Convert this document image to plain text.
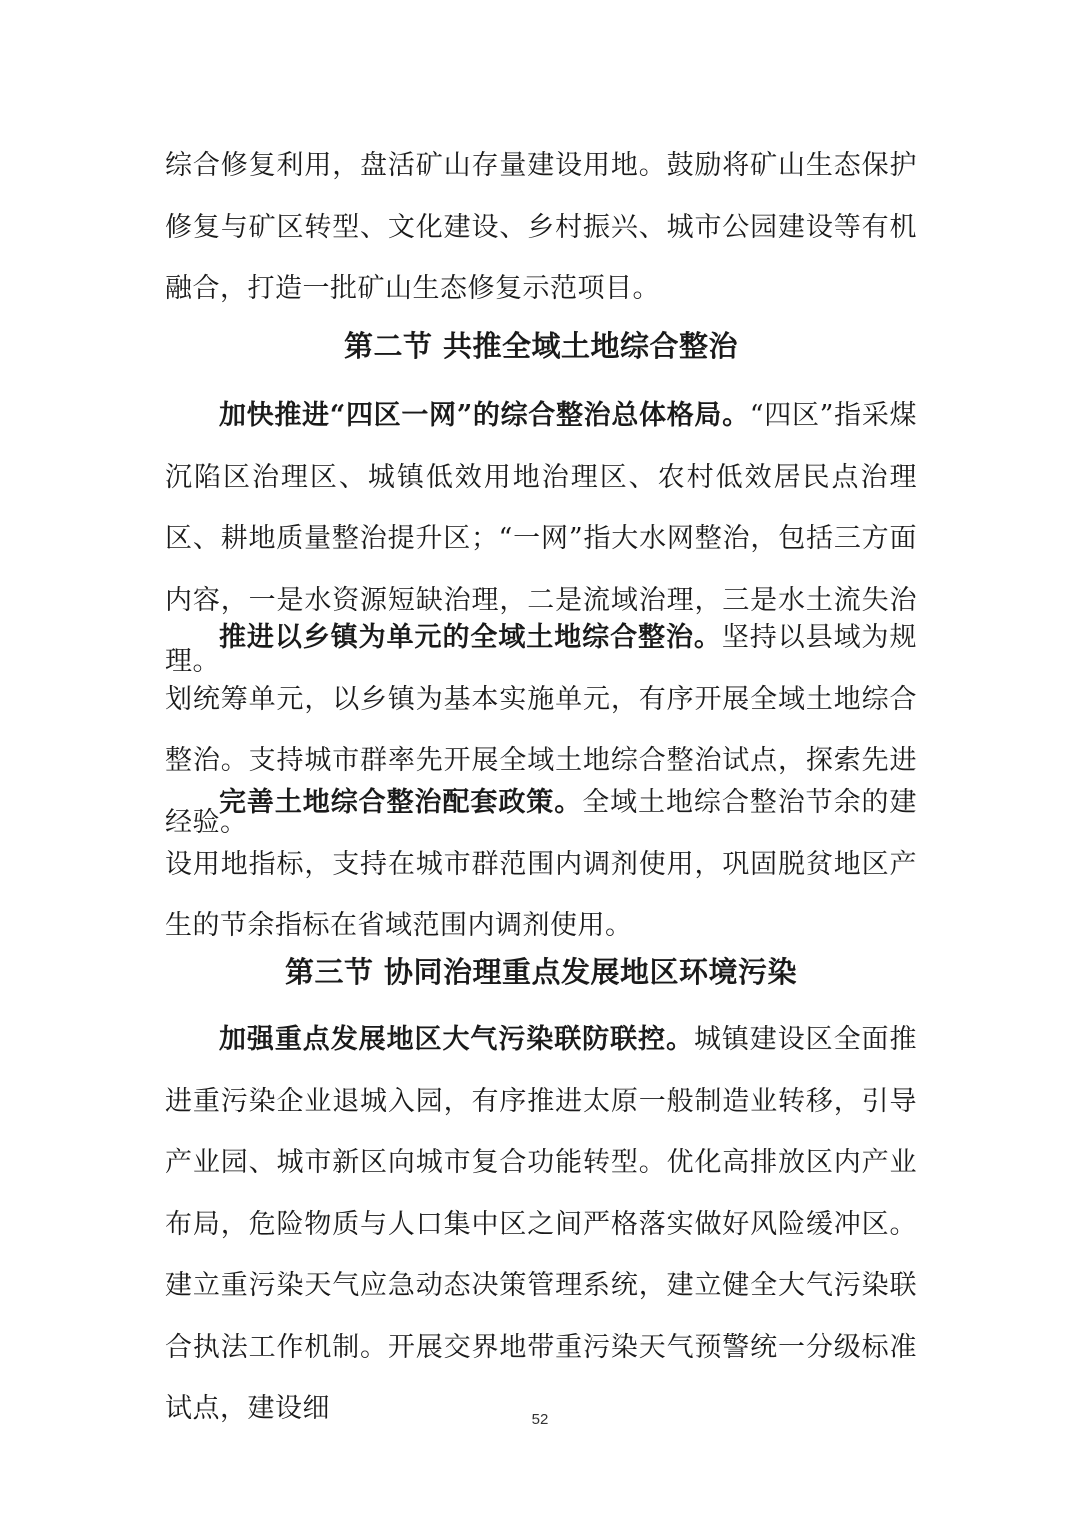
综合修复利用，盘活矿山存量建设用地。鼓励将矿山生态保护修复与矿区转型、文化建设、乡村振兴、城市公园建设等有机融合，打造一批矿山生态修复示范项目。

第二节 共推全域土地综合整治

加快推进“四区一网”的综合整治总体格局。“四区”指采煤沉陷区治理区、城镇低效用地治理区、农村低效居民点治理区、耕地质量整治提升区；“一网”指大水网整治，包括三方面内容，一是水资源短缺治理，二是流域治理，三是水土流失治理。

推进以乡镇为单元的全域土地综合整治。坚持以县域为规划统筹单元，以乡镇为基本实施单元，有序开展全域土地综合整治。支持城市群率先开展全域土地综合整治试点，探索先进经验。

完善土地综合整治配套政策。全域土地综合整治节余的建设用地指标，支持在城市群范围内调剂使用，巩固脱贫地区产生的节余指标在省域范围内调剂使用。

第三节 协同治理重点发展地区环境污染

加强重点发展地区大气污染联防联控。城镇建设区全面推进重污染企业退城入园，有序推进太原一般制造业转移，引导产业园、城市新区向城市复合功能转型。优化高排放区内产业布局，危险物质与人口集中区之间严格落实做好风险缓冲区。建立重污染天气应急动态决策管理系统，建立健全大气污染联合执法工作机制。开展交界地带重污染天气预警统一分级标准试点，建设细	52
